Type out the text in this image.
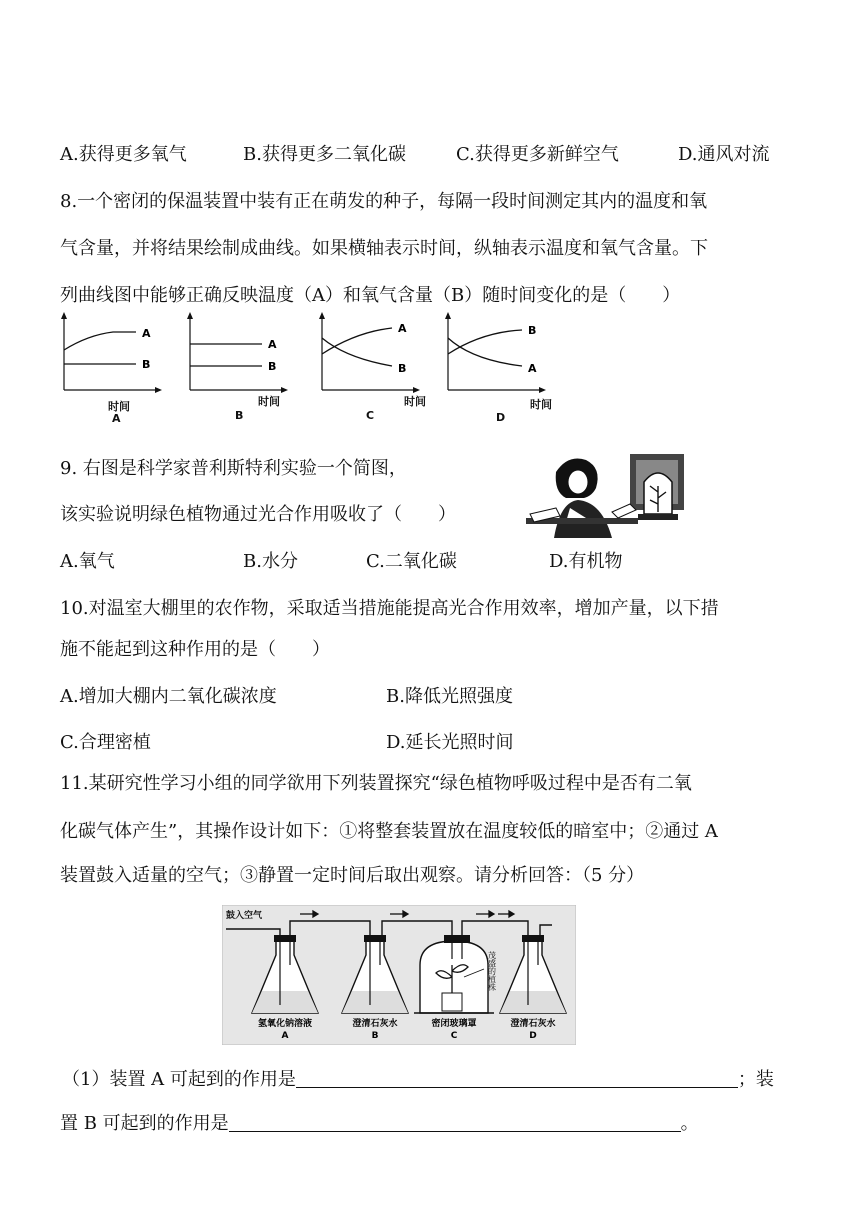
A.获得更多氧气	B.获得更多二氧化碳	C.获得更多新鲜空气	D.通风对流
8.一个密闭的保温装置中装有正在萌发的种子，每隔一段时间测定其内的温度和氧
气含量，并将结果绘制成曲线。如果横轴表示时间，纵轴表示温度和氧气含量。下
列曲线图中能够正确反映温度（A）和氧气含量（B）随时间变化的是（　　）
A
B
时间
A
A
B
时间
B
A
B
时间
C
B
A
时间
D
9. 右图是科学家普利斯特利实验一个简图，
该实验说明绿色植物通过光合作用吸收了（　　）
A.氧气	B.水分	C.二氧化碳	D.有机物
10.对温室大棚里的农作物，采取适当措施能提高光合作用效率，增加产量，以下措
施不能起到这种作用的是（　　）
A.增加大棚内二氧化碳浓度	B.降低光照强度
C.合理密植	D.延长光照时间
11.某研究性学习小组的同学欲用下列装置探究“绿色植物呼吸过程中是否有二氧
化碳气体产生”，其操作设计如下：①将整套装置放在温度较低的暗室中；②通过 A
装置鼓入适量的空气；③静置一定时间后取出观察。请分析回答：（5 分）
鼓入空气
茂盛的植株
氢氧化钠溶液
A
澄清石灰水
B
密闭玻璃罩
C
澄清石灰水
D
（1）装置 A 可起到的作用是	；装
置 B 可起到的作用是	。
